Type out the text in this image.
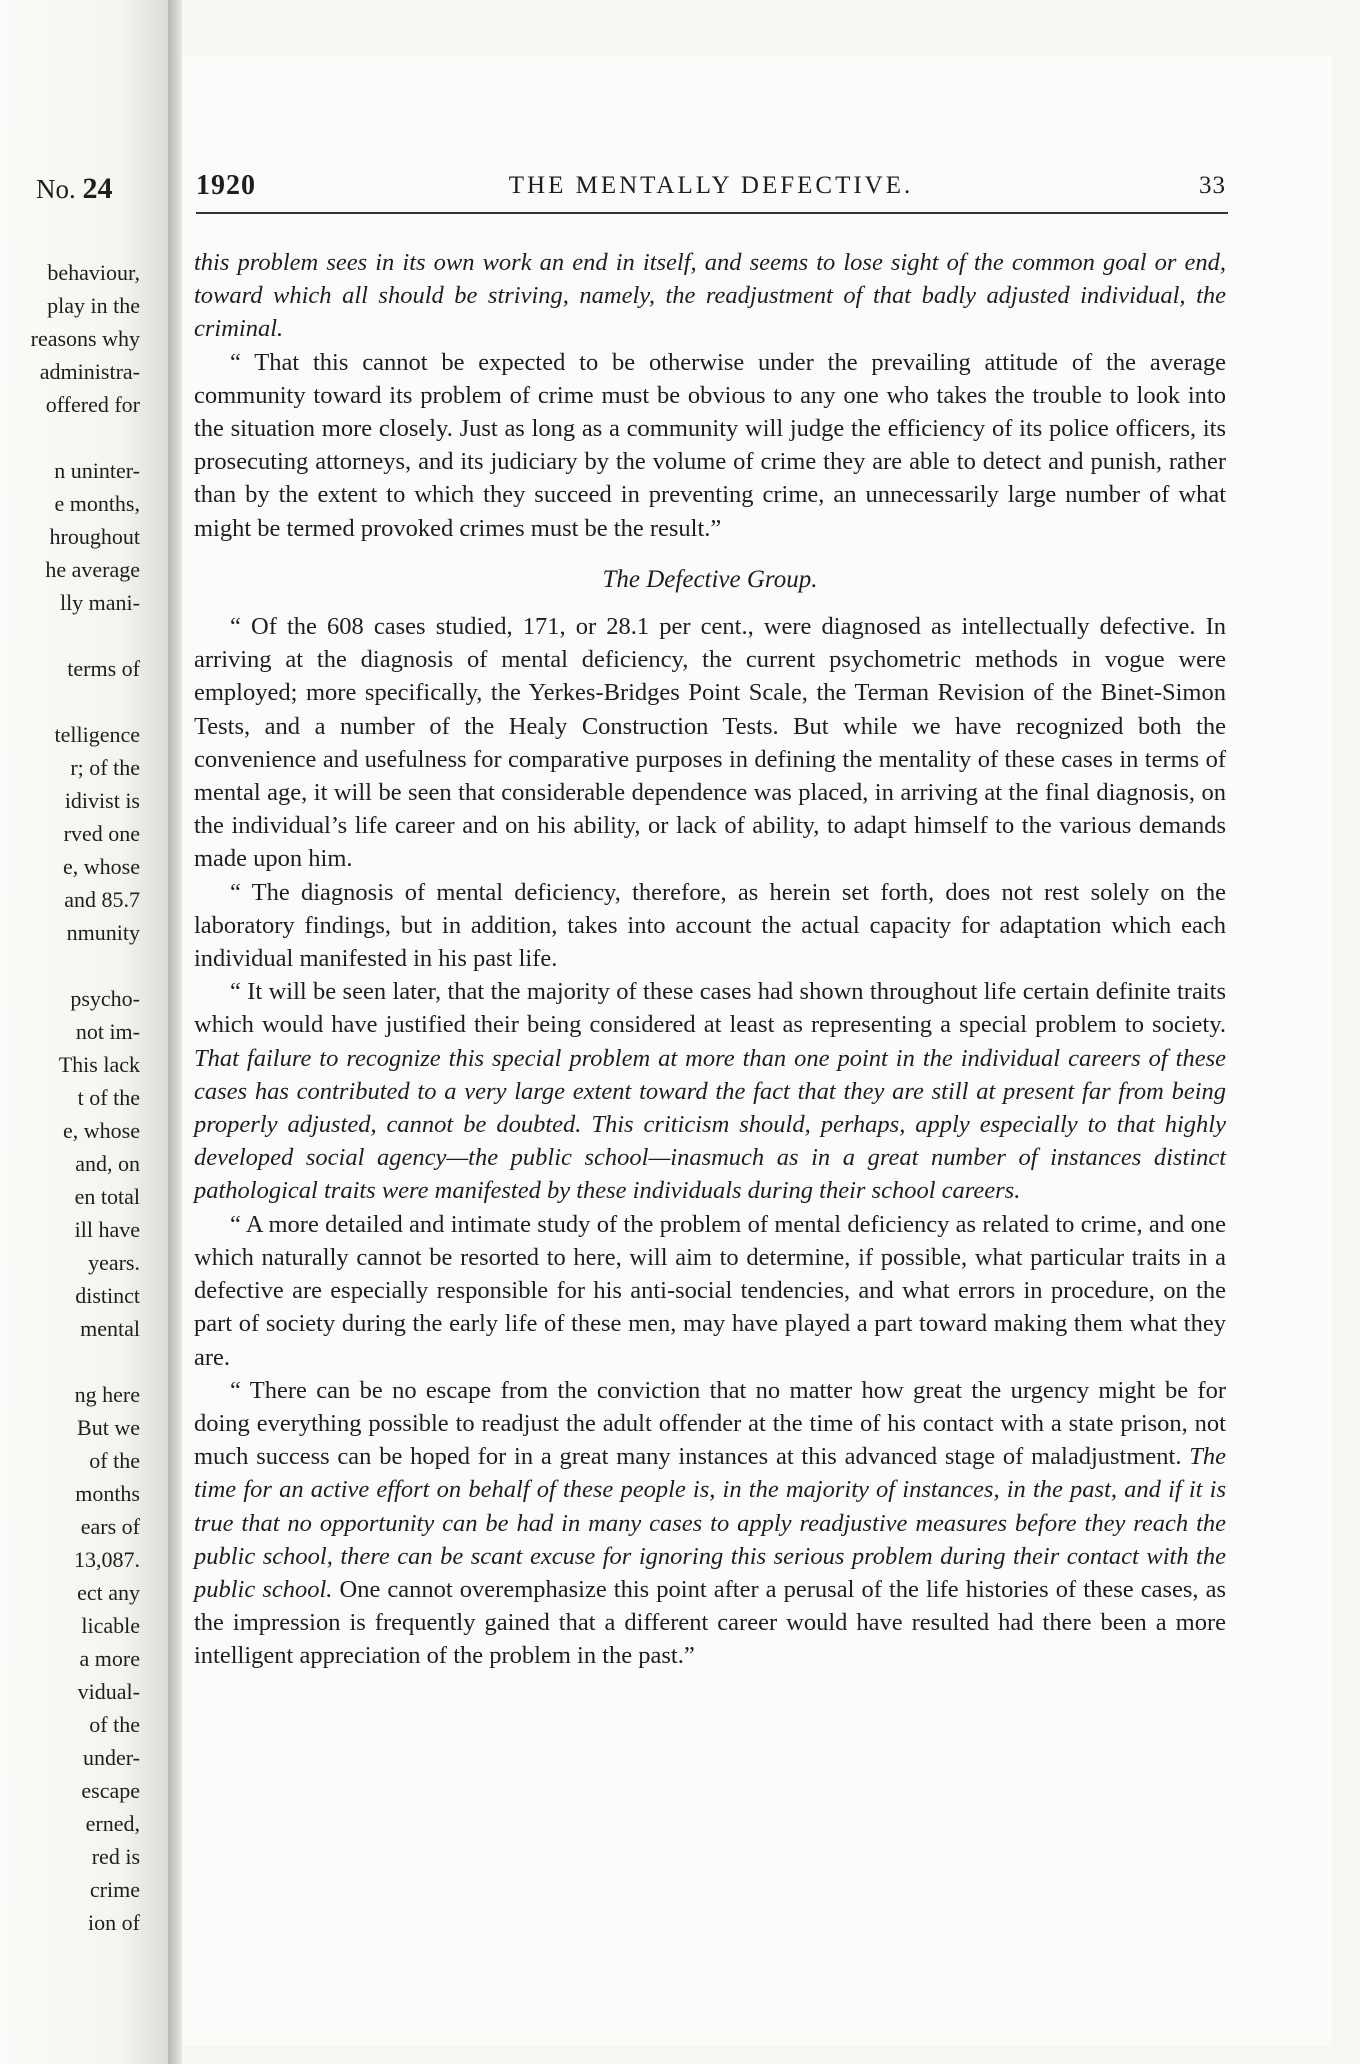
No. 24
behaviour,
play in the
reasons why
administra-
offered for
n uninter-
e months,
hroughout
he average
lly mani-
terms of
telligence
r; of the
idivist is
rved one
e, whose
and 85.7
nmunity
psycho-
not im-
This lack
t of the
e, whose
and, on
en total
ill have
years.
distinct
mental
ng here
But we
of the
months
ears of
13,087.
ect any
licable
a more
vidual-
of the
under-
escape
erned,
red is
crime
ion of
1920	THE MENTALLY DEFECTIVE.	33

this problem sees in its own work an end in itself, and seems to lose sight of the common goal or end, toward which all should be striving, namely, the readjustment of that badly adjusted individual, the criminal.

“ That this cannot be expected to be otherwise under the prevailing attitude of the average community toward its problem of crime must be obvious to any one who takes the trouble to look into the situation more closely. Just as long as a community will judge the efficiency of its police officers, its prosecuting attorneys, and its judiciary by the volume of crime they are able to detect and punish, rather than by the extent to which they succeed in preventing crime, an unnecessarily large number of what might be termed provoked crimes must be the result.”

The Defective Group.

“ Of the 608 cases studied, 171, or 28.1 per cent., were diagnosed as intellectually defective. In arriving at the diagnosis of mental deficiency, the current psychometric methods in vogue were employed; more specifically, the Yerkes-Bridges Point Scale, the Terman Revision of the Binet-Simon Tests, and a number of the Healy Construction Tests. But while we have recognized both the convenience and usefulness for comparative purposes in defining the mentality of these cases in terms of mental age, it will be seen that considerable dependence was placed, in arriving at the final diagnosis, on the individual’s life career and on his ability, or lack of ability, to adapt himself to the various demands made upon him.

“ The diagnosis of mental deficiency, therefore, as herein set forth, does not rest solely on the laboratory findings, but in addition, takes into account the actual capacity for adaptation which each individual manifested in his past life.

“ It will be seen later, that the majority of these cases had shown throughout life certain definite traits which would have justified their being considered at least as representing a special problem to society. That failure to recognize this special problem at more than one point in the individual careers of these cases has contributed to a very large extent toward the fact that they are still at present far from being properly adjusted, cannot be doubted. This criticism should, perhaps, apply especially to that highly developed social agency—the public school—inasmuch as in a great number of instances distinct pathological traits were manifested by these individuals during their school careers.

“ A more detailed and intimate study of the problem of mental deficiency as related to crime, and one which naturally cannot be resorted to here, will aim to determine, if possible, what particular traits in a defective are especially responsible for his anti-social tendencies, and what errors in procedure, on the part of society during the early life of these men, may have played a part toward making them what they are.

“ There can be no escape from the conviction that no matter how great the urgency might be for doing everything possible to readjust the adult offender at the time of his contact with a state prison, not much success can be hoped for in a great many instances at this advanced stage of maladjustment. The time for an active effort on behalf of these people is, in the majority of instances, in the past, and if it is true that no opportunity can be had in many cases to apply readjustive measures before they reach the public school, there can be scant excuse for ignoring this serious problem during their contact with the public school. One cannot overemphasize this point after a perusal of the life histories of these cases, as the impression is frequently gained that a different career would have resulted had there been a more intelligent appreciation of the problem in the past.”
